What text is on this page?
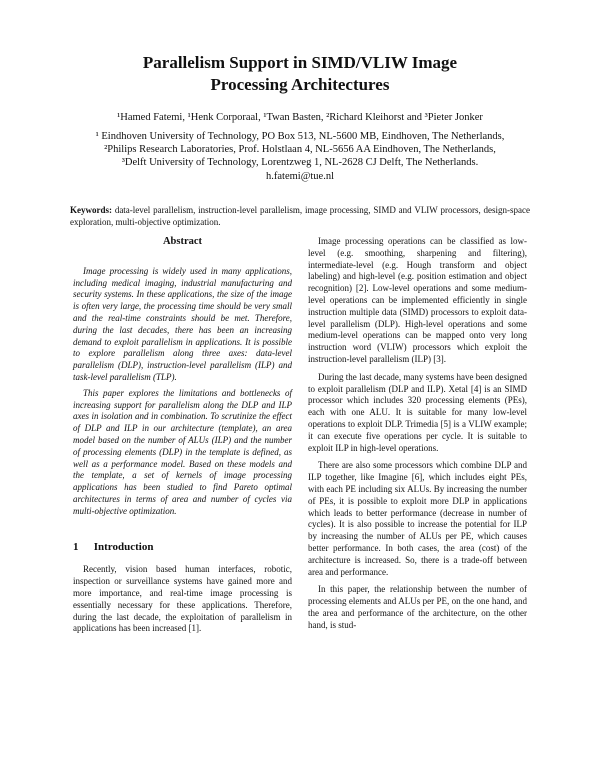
Parallelism Support in SIMD/VLIW Image
Processing Architectures
¹Hamed Fatemi, ¹Henk Corporaal, ¹Twan Basten, ²Richard Kleihorst and ³Pieter Jonker
¹ Eindhoven University of Technology, PO Box 513, NL-5600 MB, Eindhoven, The Netherlands,
²Philips Research Laboratories, Prof. Holstlaan 4, NL-5656 AA Eindhoven, The Netherlands,
³Delft University of Technology, Lorentzweg 1, NL-2628 CJ Delft, The Netherlands.
h.fatemi@tue.nl
Keywords: data-level parallelism, instruction-level parallelism, image processing, SIMD and VLIW processors, design-space exploration, multi-objective optimization.
Abstract

Image processing is widely used in many applications, including medical imaging, industrial manufacturing and security systems. In these applications, the size of the image is often very large, the processing time should be very small and the real-time constraints should be met. Therefore, during the last decades, there has been an increasing demand to exploit parallelism in applications. It is possible to explore parallelism along three axes: data-level parallelism (DLP), instruction-level parallelism (ILP) and task-level parallelism (TLP).

This paper explores the limitations and bottlenecks of increasing support for parallelism along the DLP and ILP axes in isolation and in combination. To scrutinize the effect of DLP and ILP in our architecture (template), an area model based on the number of ALUs (ILP) and the number of processing elements (DLP) in the template is defined, as well as a performance model. Based on these models and the template, a set of kernels of image processing applications has been studied to find Pareto optimal architectures in terms of area and number of cycles via multi-objective optimization.

1 Introduction

Recently, vision based human interfaces, robotic, inspection or surveillance systems have gained more and more importance, and real-time image processing is essentially necessary for these applications. Therefore, during the last decade, the exploitation of parallelism in applications has been increased [1].

Image processing operations can be classified as low-level (e.g. smoothing, sharpening and filtering), intermediate-level (e.g. Hough transform and object labeling) and high-level (e.g. position estimation and object recognition) [2]. Low-level operations and some medium-level operations can be implemented efficiently in single instruction multiple data (SIMD) processors to exploit data-level parallelism (DLP). High-level operations and some medium-level operations can be mapped onto very long instruction word (VLIW) processors which exploit the instruction-level parallelism (ILP) [3].

During the last decade, many systems have been designed to exploit parallelism (DLP and ILP). Xetal [4] is an SIMD processor which includes 320 processing elements (PEs), each with one ALU. It is suitable for many low-level operations to exploit DLP. Trimedia [5] is a VLIW example; it can execute five operations per cycle. It is suitable to exploit ILP in high-level operations.

There are also some processors which combine DLP and ILP together, like Imagine [6], which includes eight PEs, with each PE including six ALUs. By increasing the number of PEs, it is possible to exploit more DLP in applications which leads to better performance (decrease in number of cycles). It is also possible to increase the potential for ILP by increasing the number of ALUs per PE, which causes better performance. In both cases, the area (cost) of the architecture is increased. So, there is a trade-off between area and performance.

In this paper, the relationship between the number of processing elements and ALUs per PE, on the one hand, and the area and performance of the architecture, on the other hand, is stud-
